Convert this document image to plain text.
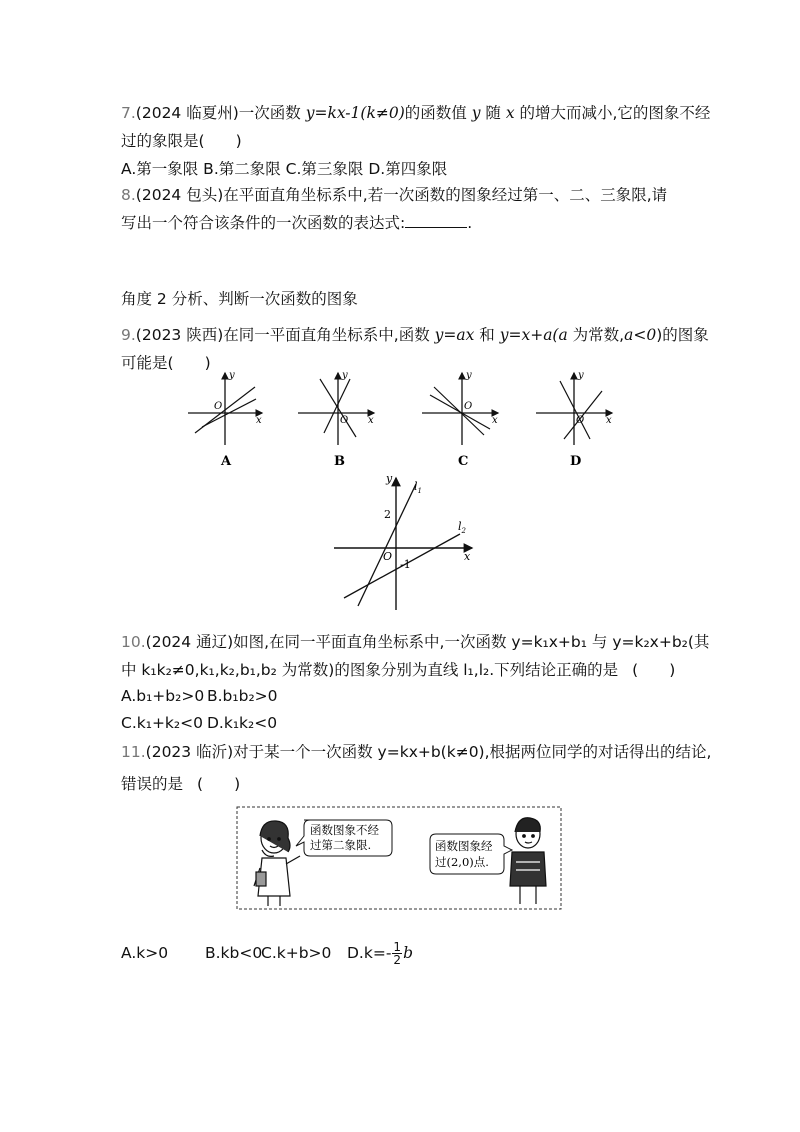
7.(2024 临夏州)一次函数 y=kx-1(k≠0)的函数值 y 随 x 的增大而减小,它的图象不经
过的象限是(　　)
A.第一象限 B.第二象限 C.第三象限 D.第四象限
8.(2024 包头)在平面直角坐标系中,若一次函数的图象经过第一、二、三象限,请
写出一个符合该条件的一次函数的表达式:	.
角度 2 分析、判断一次函数的图象
9.(2023 陕西)在同一平面直角坐标系中,函数 y=ax 和 y=x+a(a 为常数,a<0)的图象
可能是(　　)
y
x
O
A
y
x
O
B
y
x
O
C
y
x
O
D
y
x
O
2
-1
$l_1$
$l_2$
10.(2024 通辽)如图,在同一平面直角坐标系中,一次函数 y=k₁x+b₁ 与 y=k₂x+b₂(其
中 k₁k₂≠0,k₁,k₂,b₁,b₂ 为常数)的图象分别为直线 l₁,l₂.下列结论正确的是 (　　)
A.b₁+b₂>0 B.b₁b₂>0
C.k₁+k₂<0 D.k₁k₂<0
11.(2023 临沂)对于某一个一次函数 y=kx+b(k≠0),根据两位同学的对话得出的结论,
错误的是 (　　)
函数图象不经
过第二象限.	函数图象经
过(2,0)点.
A.k>0 B.kb<0C.k+b>0 $D.k=- \frac{1}{2}$ b
